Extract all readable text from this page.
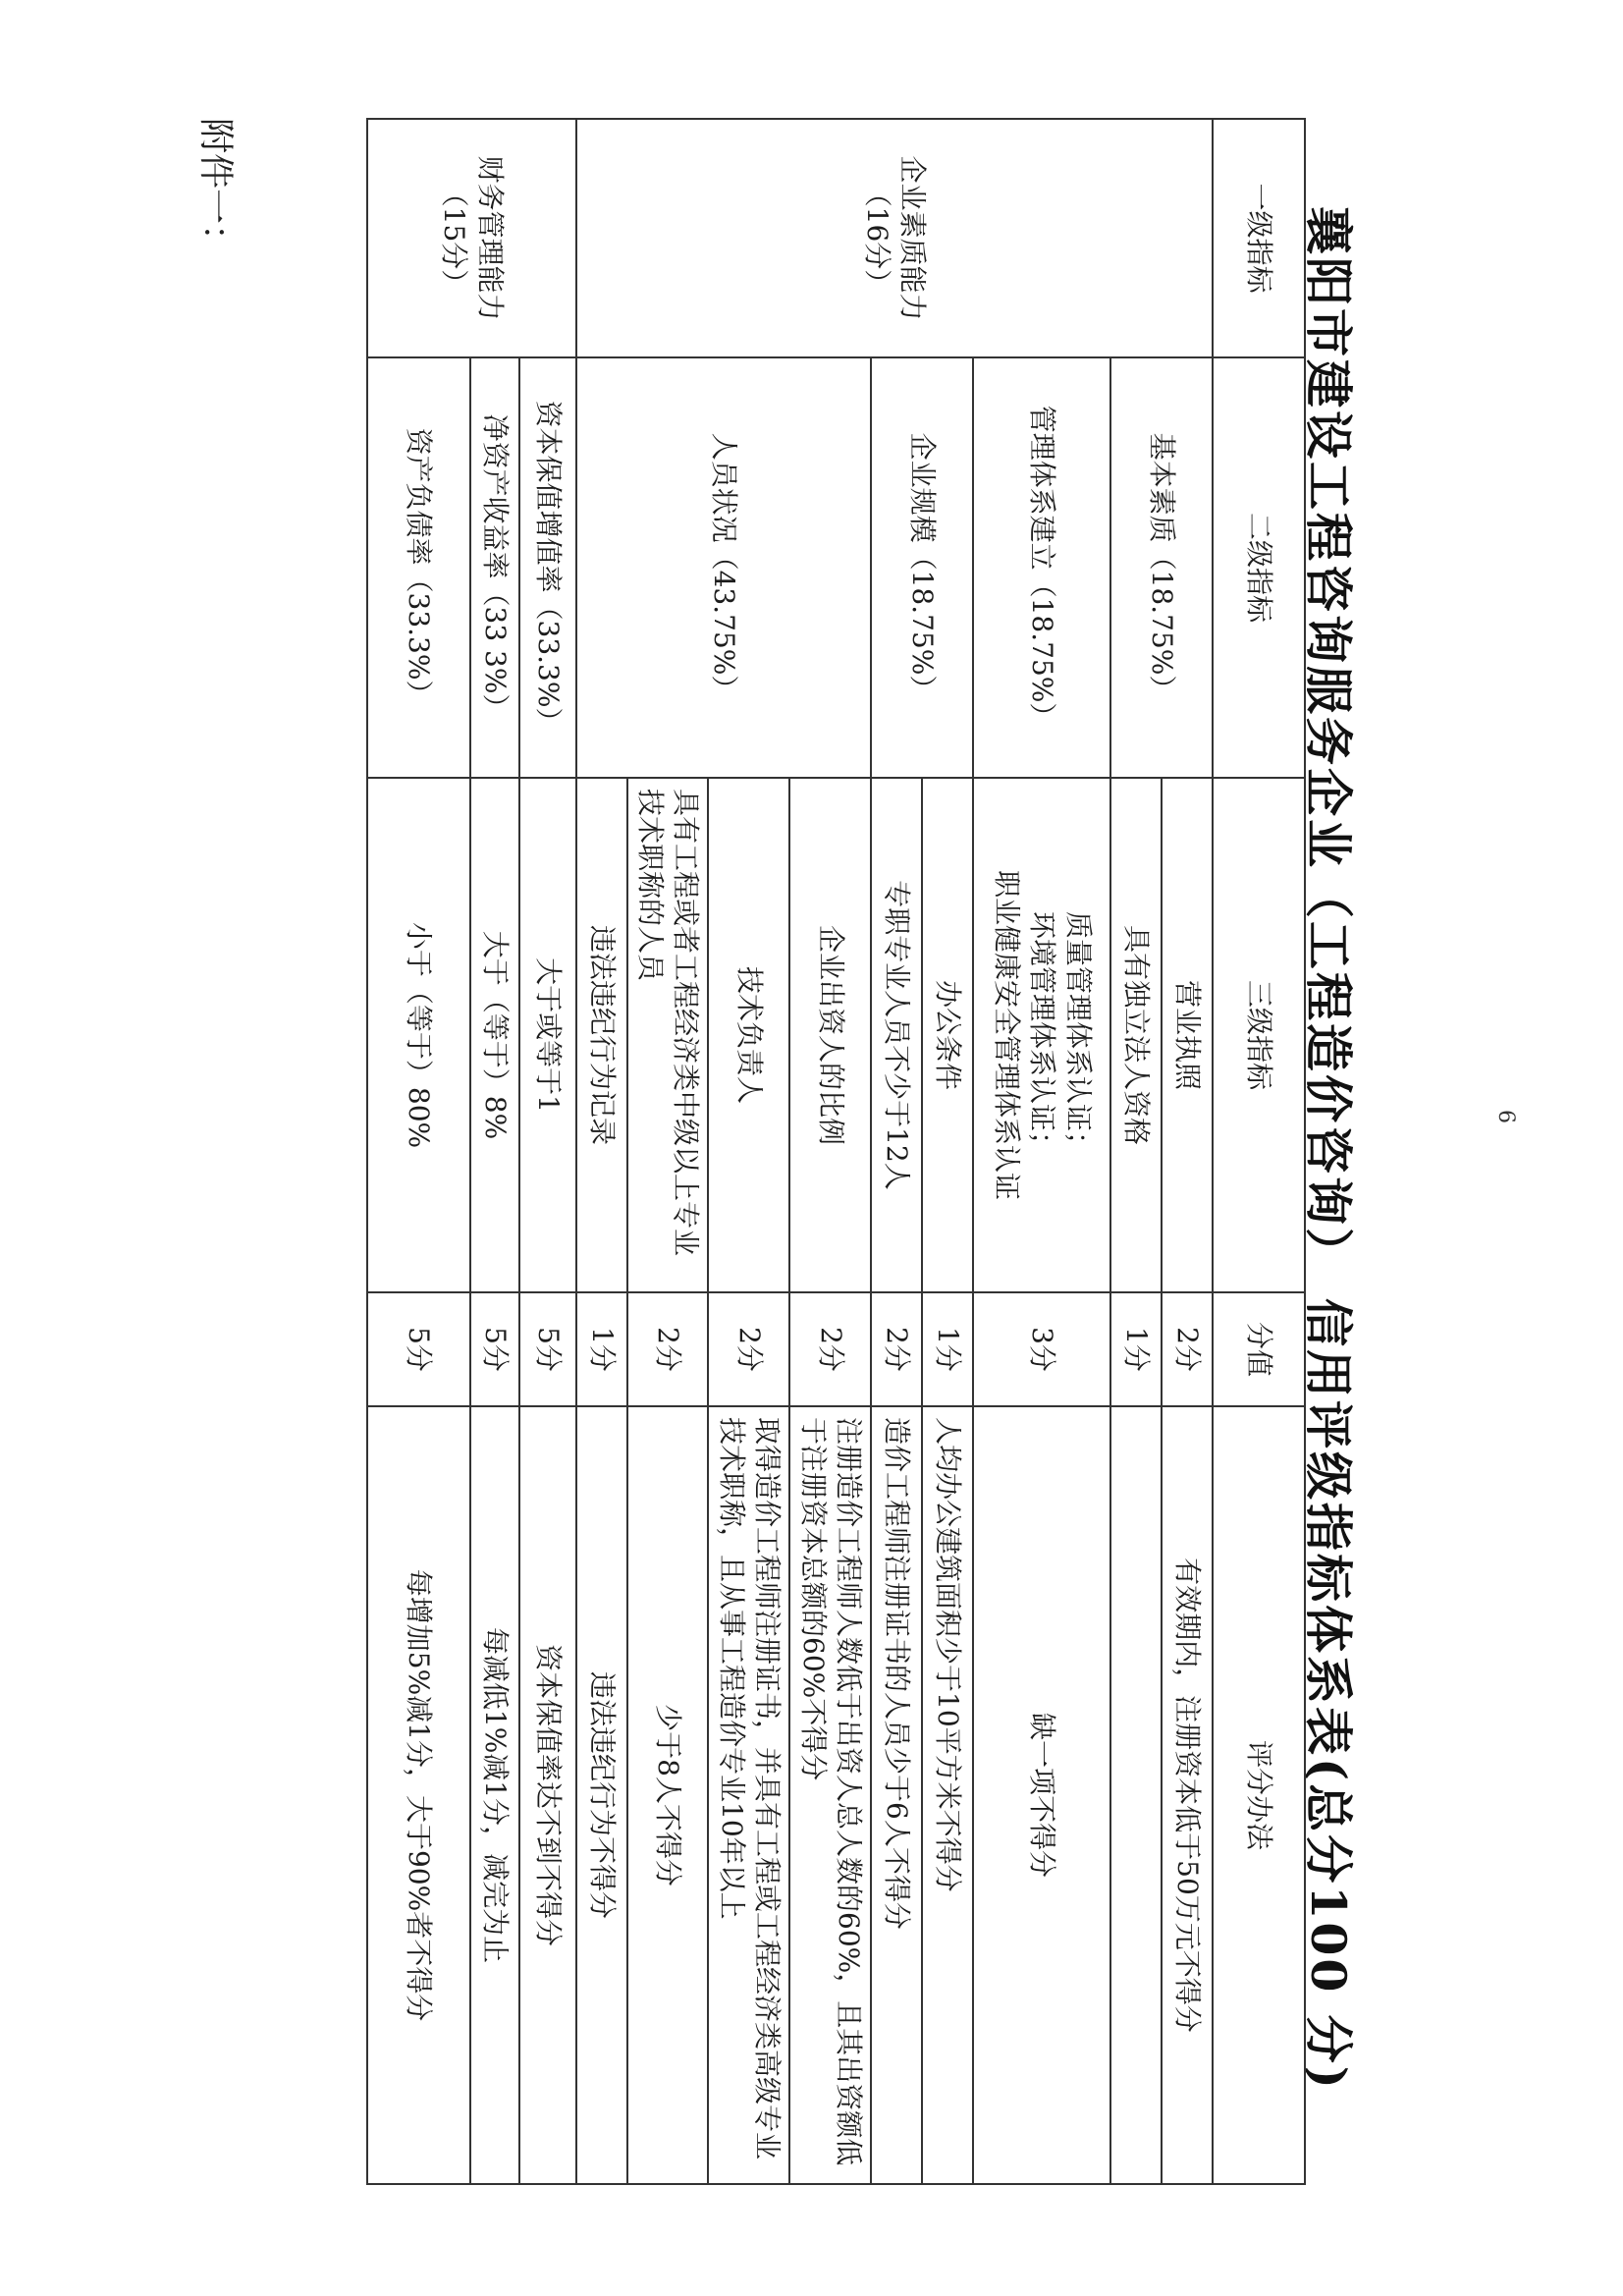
附件一：
襄阳市建设工程咨询服务企业（工程造价咨询） 信用评级指标体系表(总分100 分)	6
一级指标	二级指标	三级指标	分值	评分办法
企业素质能力
（16分）	基本素质（18.75%）	营业执照	2分	有效期内，注册资本低于50万元不得分
		具有独立法人资格	1分	
	管理体系建立（18.75%）	质量管理体系认证；
环境管理体系认证；
职业健康安全管理体系认证	3分	缺一项不得分
	企业规模（18.75%）	办公条件	1分	人均办公建筑面积少于10平方米不得分
		专职专业人员不少于12人	2分	造价工程师注册证书的人员少于6人不得分
	人员状况（43.75%）	企业出资人的比例	2分	注册造价工程师人数低于出资人总人数的60%，且其出资额低于注册资本总额的60%不得分
		技术负责人	2分	取得造价工程师注册证书，并具有工程或工程经济类高级专业技术职称，且从事工程造价专业10年以上
		具有工程或者工程经济类中级以上专业技术职称的人员	2分	少于8人不得分
		违法违纪行为记录	1分	违法违纪行为不得分
财务管理能力
（15分）	资本保值增值率（33.3%）	大于或等于1	5分	资本保值率达不到不得分
	净资产收益率（33 3%）	大于（等于）8%	5分	每减低1%减1分，减完为止
	资产负债率（33.3%）	小于（等于）80%	5分	每增加5%减1分，大于90%者不得分
